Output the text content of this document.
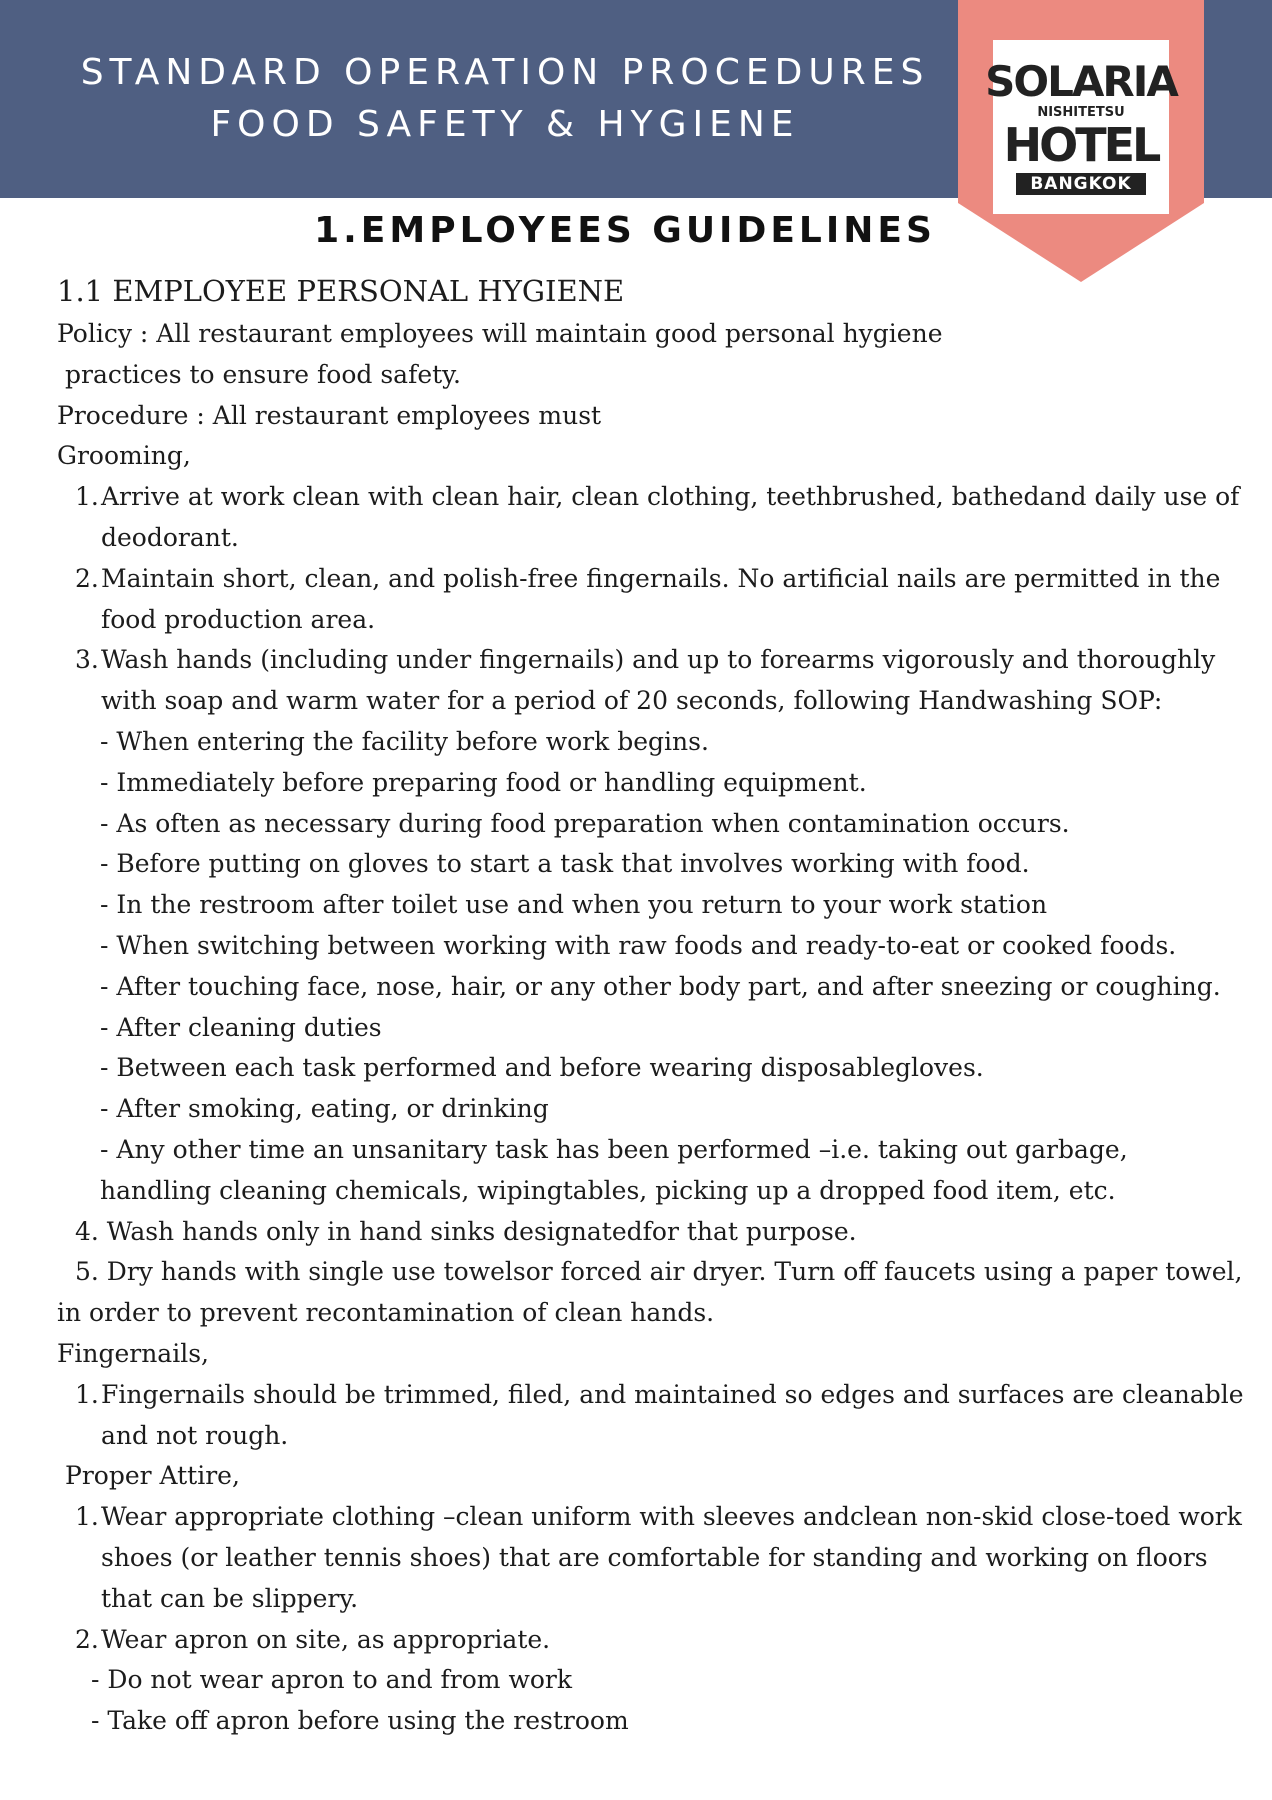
STANDARD OPERATION PROCEDURES
FOOD SAFETY & HYGIENE
SOLARIA
NISHITETSU
HOTEL
BANGKOK
1.EMPLOYEES GUIDELINES
1.1 EMPLOYEE PERSONAL HYGIENE
Policy : All restaurant employees will maintain good personal hygiene
practices to ensure food safety.
Procedure : All restaurant employees must
Grooming,
1. Arrive at work clean with clean hair, clean clothing, teethbrushed, bathedand daily use of deodorant.
2. Maintain short, clean, and polish-free fingernails. No artificial nails are permitted in the food production area.
3. Wash hands (including under fingernails) and up to forearms vigorously and thoroughly with soap and warm water for a period of 20 seconds, following Handwashing SOP:
- When entering the facility before work begins.
- Immediately before preparing food or handling equipment.
- As often as necessary during food preparation when contamination occurs.
- Before putting on gloves to start a task that involves working with food.
- In the restroom after toilet use and when you return to your work station
- When switching between working with raw foods and ready-to-eat or cooked foods.
- After touching face, nose, hair, or any other body part, and after sneezing or coughing.
- After cleaning duties
- Between each task performed and before wearing disposablegloves.
- After smoking, eating, or drinking
- Any other time an unsanitary task has been performed –i.e. taking out garbage,
handling cleaning chemicals, wipingtables, picking up a dropped food item, etc.
4. Wash hands only in hand sinks designatedfor that purpose.
5. Dry hands with single use towelsor forced air dryer. Turn off faucets using a paper towel,
in order to prevent recontamination of clean hands.
Fingernails,
1. Fingernails should be trimmed, filed, and maintained so edges and surfaces are cleanable and not rough.
Proper Attire,
1. Wear appropriate clothing –clean uniform with sleeves andclean non-skid close-toed work shoes (or leather tennis shoes) that are comfortable for standing and working on floors that can be slippery.
2. Wear apron on site, as appropriate.
- Do not wear apron to and from work
- Take off apron before using the restroom
